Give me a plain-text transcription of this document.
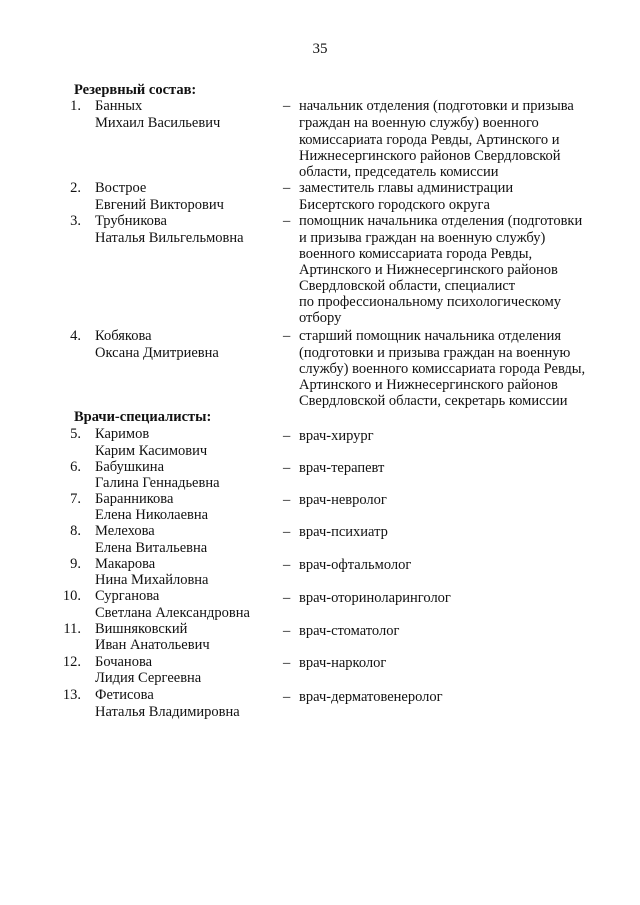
35
Резервный состав:
1. Банных
Михаил Васильевич
– начальник отделения (подготовки и призыва
граждан на военную службу) военного
комиссариата города Ревды, Артинского и
Нижнесергинского районов Свердловской
области, председатель комиссии
2. Вострое
Евгений Викторович
– заместитель главы администрации
Бисертского городского округа
3. Трубникова
Наталья Вильгельмовна
– помощник начальника отделения (подготовки
и призыва граждан на военную службу)
военного комиссариата города Ревды,
Артинского и Нижнесергинского районов
Свердловской области, специалист
по профессиональному психологическому
отбору
4. Кобякова
Оксана Дмитриевна
– старший помощник начальника отделения
(подготовки и призыва граждан на военную
службу) военного комиссариата города Ревды,
Артинского и Нижнесергинского районов
Свердловской области, секретарь комиссии
Врачи-специалисты:
5. Каримов
Карим Касимович
– врач-хирург
6. Бабушкина
Галина Геннадьевна
– врач-терапевт
7. Баранникова
Елена Николаевна
– врач-невролог
8. Мелехова
Елена Витальевна
– врач-психиатр
9. Макарова
Нина Михайловна
– врач-офтальмолог
10. Сурганова
Светлана Александровна
– врач-оториноларинголог
11. Вишняковский
Иван Анатольевич
– врач-стоматолог
12. Бочанова
Лидия Сергеевна
– врач-нарколог
13. Фетисова
Наталья Владимировна
– врач-дерматовенеролог
